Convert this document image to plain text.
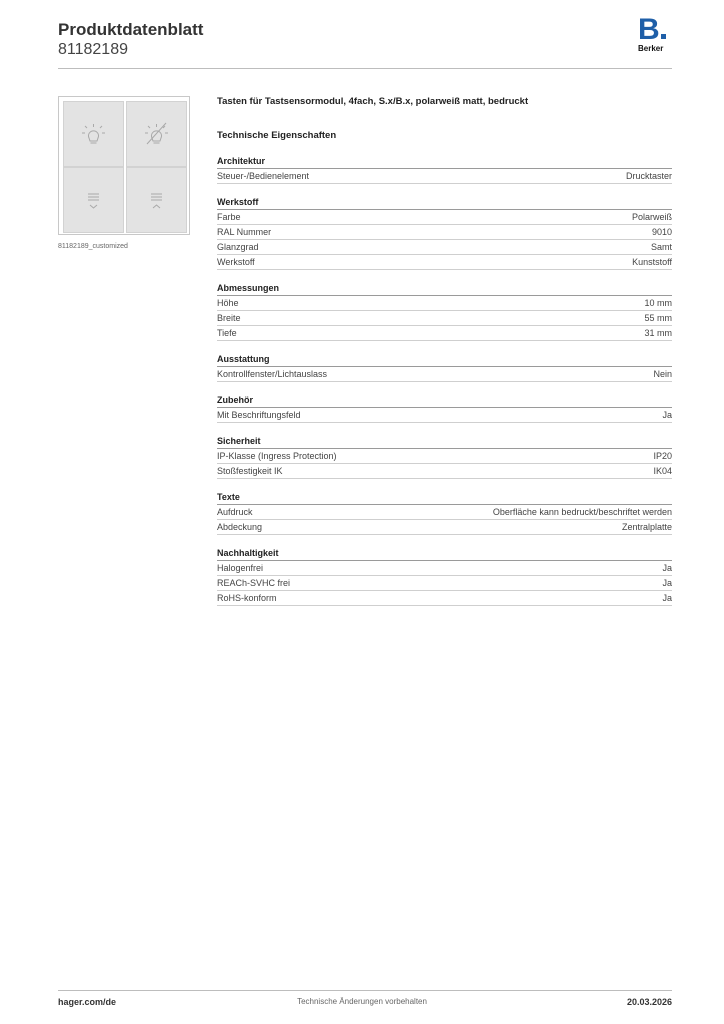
Produktdatenblatt
81182189
B
Berker
81182189_customized
Tasten für Tastsensormodul, 4fach, S.x/B.x, polarweiß matt, bedruckt
Technische Eigenschaften
Architektur
Steuer-/Bedienelement	Drucktaster
Werkstoff
Farbe	Polarweiß
RAL Nummer	9010
Glanzgrad	Samt
Werkstoff	Kunststoff
Abmessungen
Höhe	10 mm
Breite	55 mm
Tiefe	31 mm
Ausstattung
Kontrollfenster/Lichtauslass	Nein
Zubehör
Mit Beschriftungsfeld	Ja
Sicherheit
IP-Klasse (Ingress Protection)	IP20
Stoßfestigkeit IK	IK04
Texte
Aufdruck	Oberfläche kann bedruckt/beschriftet werden
Abdeckung	Zentralplatte
Nachhaltigkeit
Halogenfrei	Ja
REACh-SVHC frei	Ja
RoHS-konform	Ja
hager.com/de	Technische Änderungen vorbehalten	20.03.2026
